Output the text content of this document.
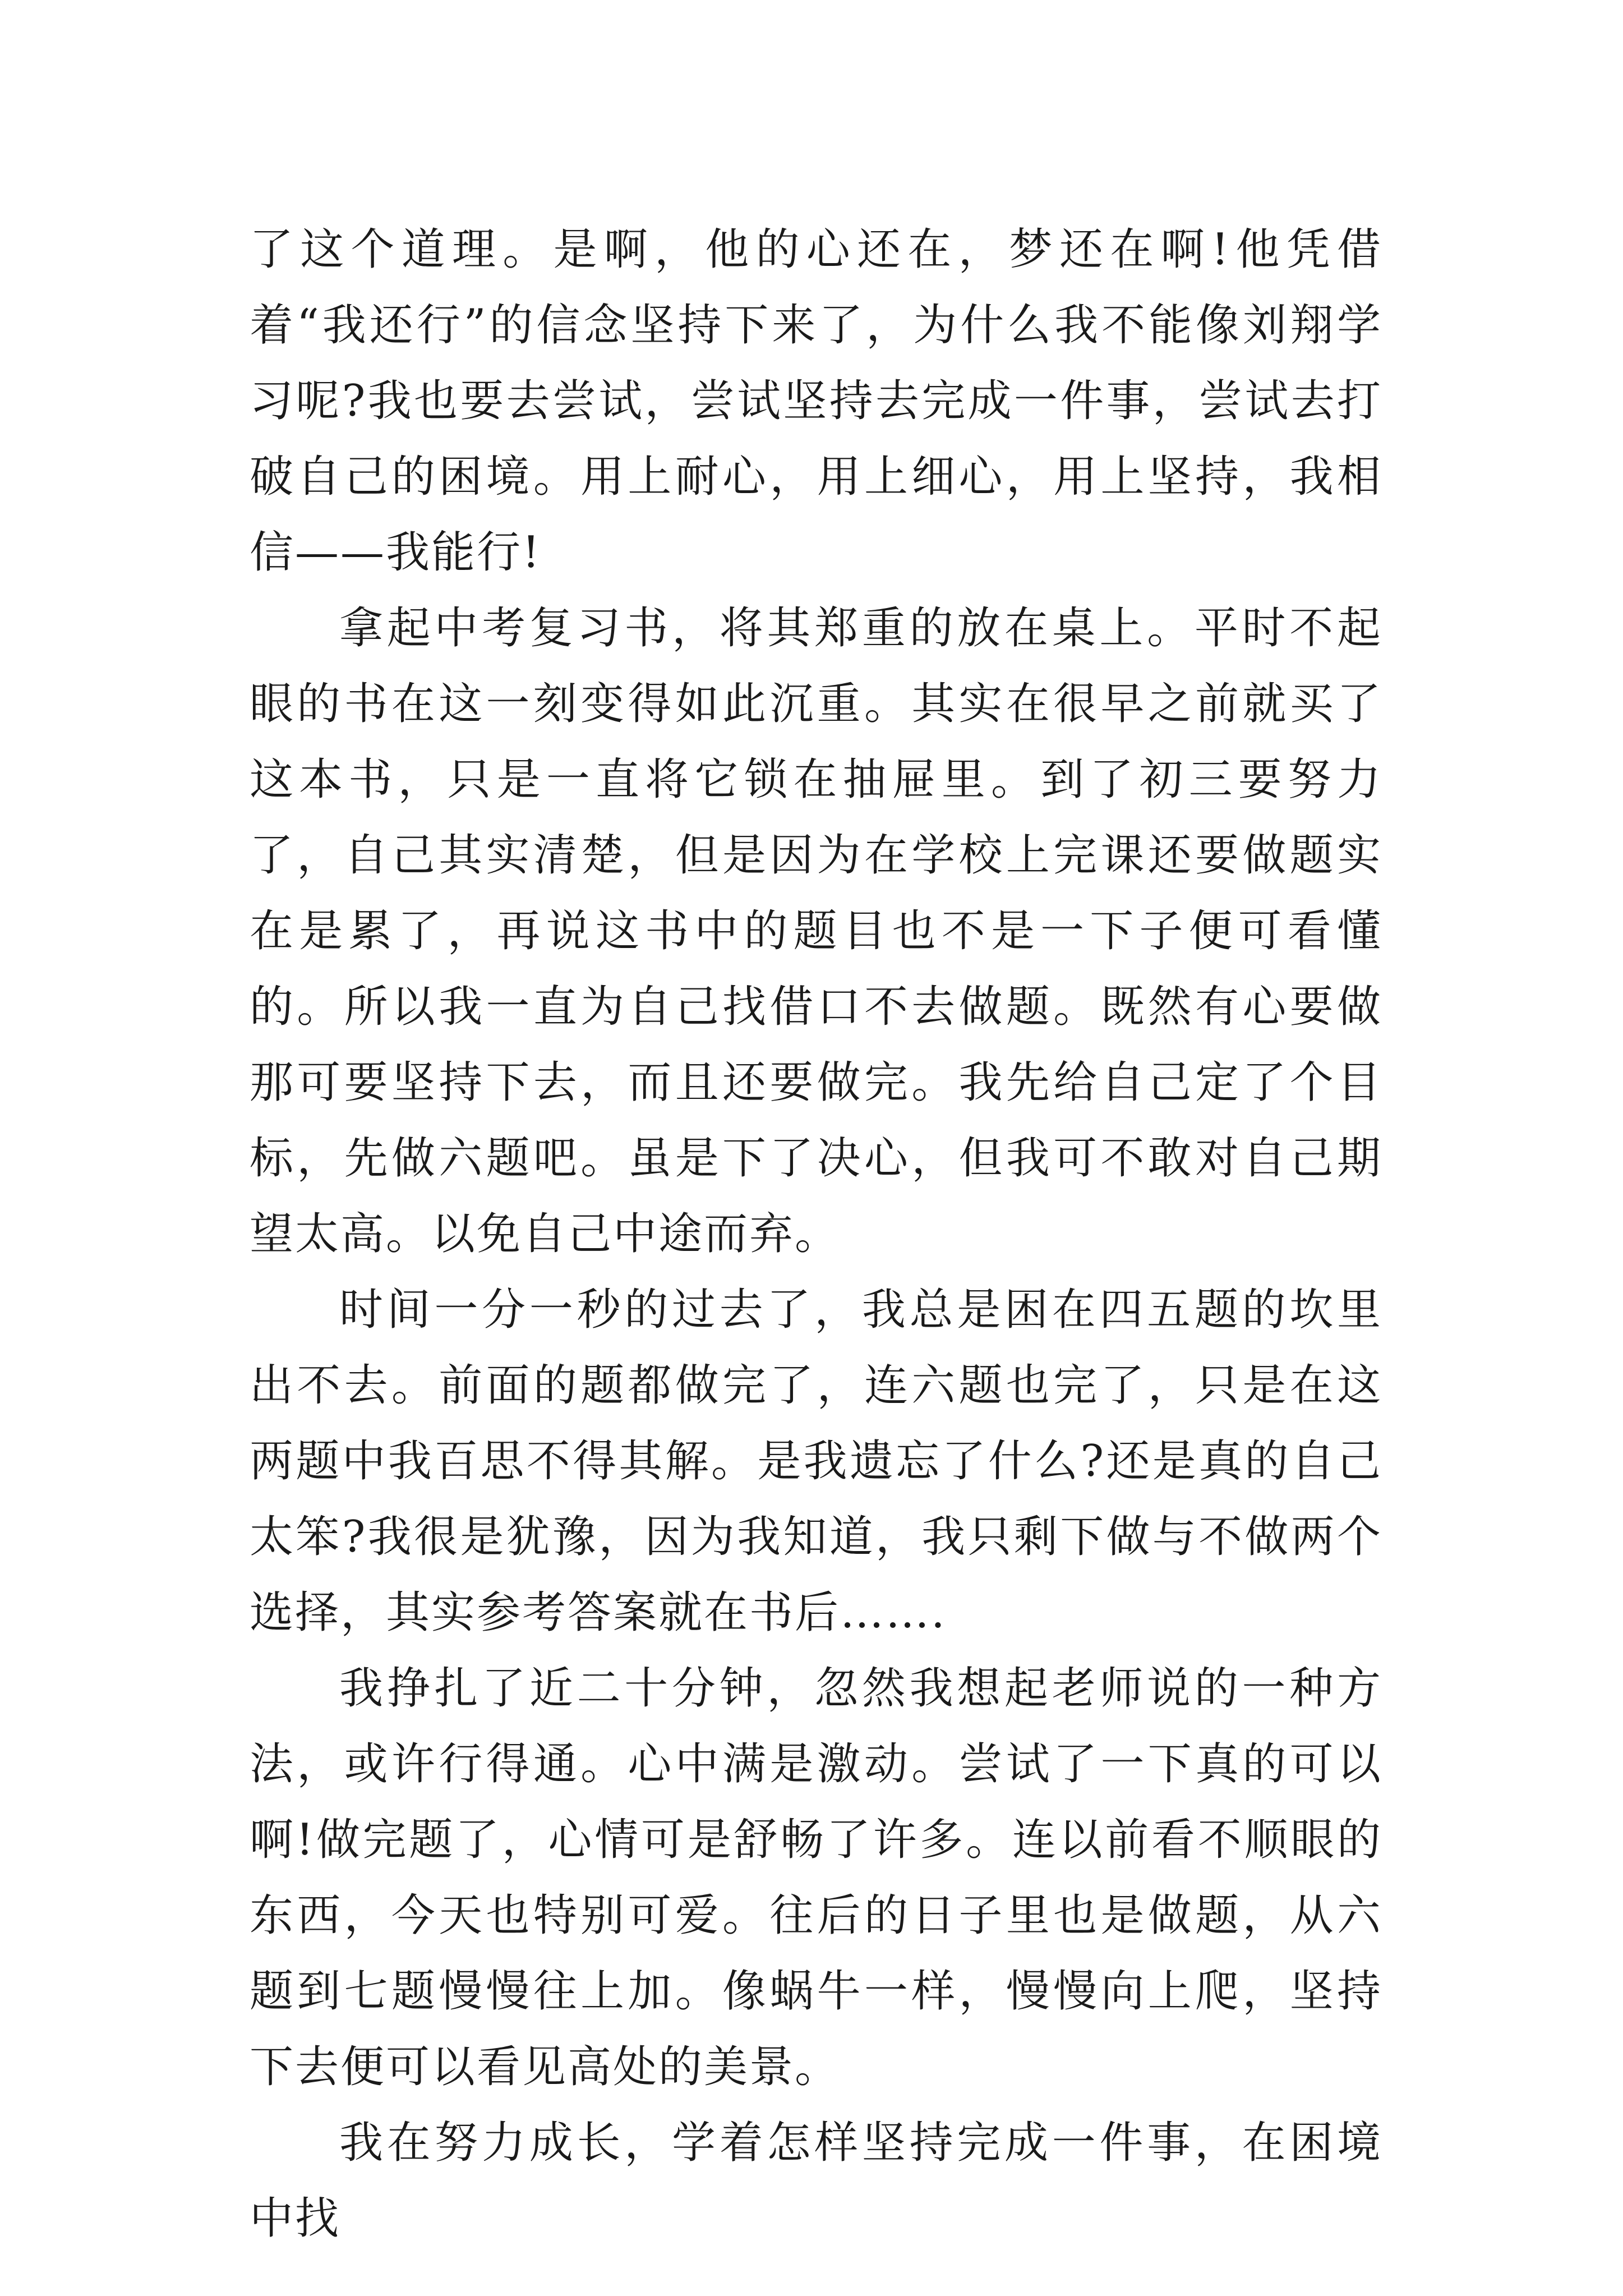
了这个道理。是啊，他的心还在，梦还在啊!他凭借着“我还行”的信念坚持下来了，为什么我不能像刘翔学习呢?我也要去尝试，尝试坚持去完成一件事，尝试去打破自己的困境。用上耐心，用上细心，用上坚持，我相信——我能行!

拿起中考复习书，将其郑重的放在桌上。平时不起眼的书在这一刻变得如此沉重。其实在很早之前就买了这本书，只是一直将它锁在抽屉里。到了初三要努力了，自己其实清楚，但是因为在学校上完课还要做题实在是累了，再说这书中的题目也不是一下子便可看懂的。所以我一直为自己找借口不去做题。既然有心要做那可要坚持下去，而且还要做完。我先给自己定了个目标，先做六题吧。虽是下了决心，但我可不敢对自己期望太高。以免自己中途而弃。

时间一分一秒的过去了，我总是困在四五题的坎里出不去。前面的题都做完了，连六题也完了，只是在这两题中我百思不得其解。是我遗忘了什么?还是真的自己太笨?我很是犹豫，因为我知道，我只剩下做与不做两个选择，其实参考答案就在书后…….

我挣扎了近二十分钟，忽然我想起老师说的一种方法，或许行得通。心中满是激动。尝试了一下真的可以啊!做完题了，心情可是舒畅了许多。连以前看不顺眼的东西，今天也特别可爱。往后的日子里也是做题，从六题到七题慢慢往上加。像蜗牛一样，慢慢向上爬，坚持下去便可以看见高处的美景。

我在努力成长，学着怎样坚持完成一件事，在困境中找
